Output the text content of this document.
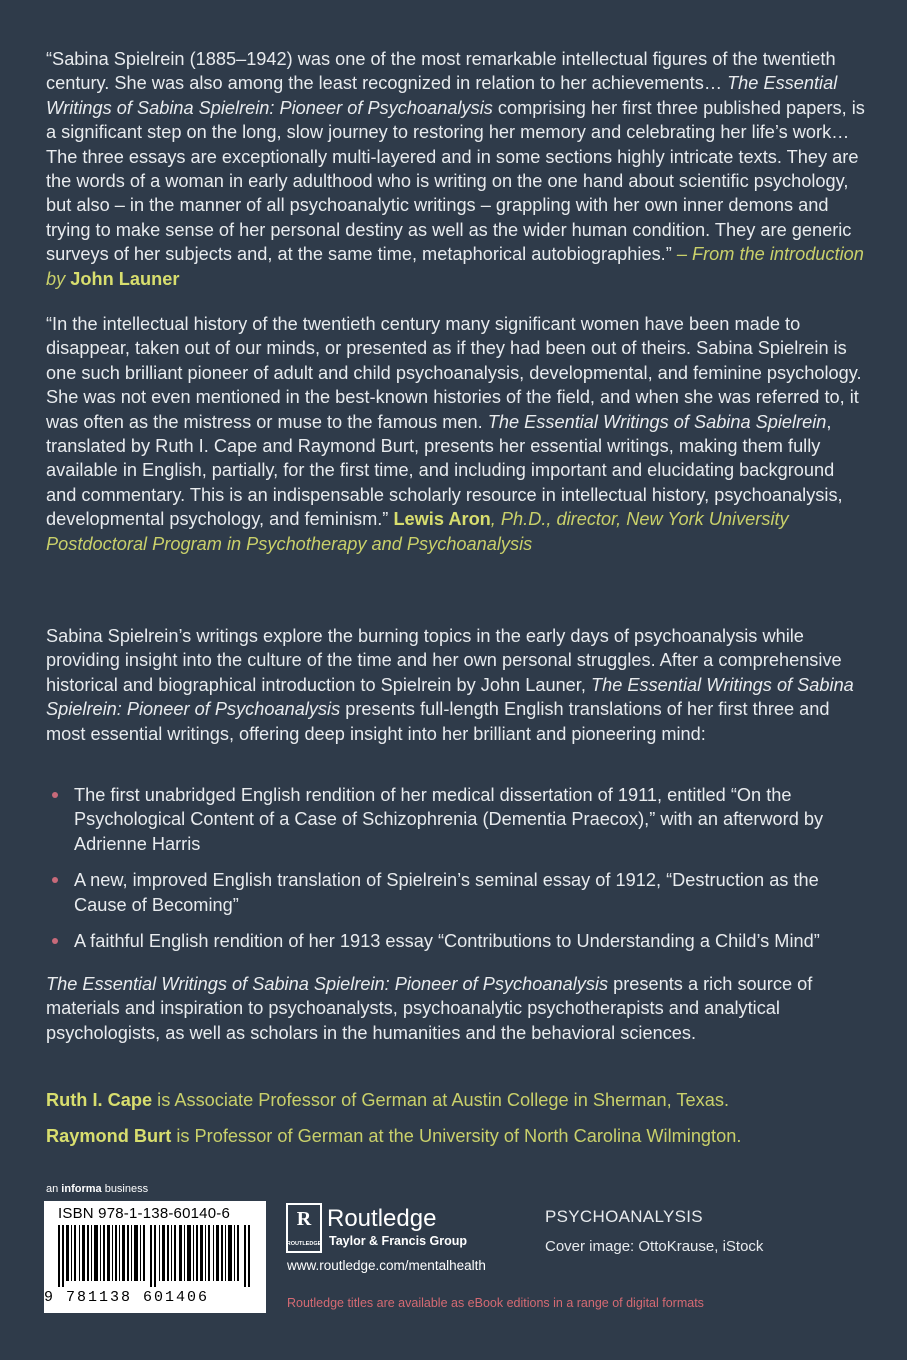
“Sabina Spielrein (1885–1942) was one of the most remarkable intellectual figures of the twentieth century. She was also among the least recognized in relation to her achievements… The Essential Writings of Sabina Spielrein: Pioneer of Psychoanalysis comprising her first three published papers, is a significant step on the long, slow journey to restoring her memory and celebrating her life’s work…The three essays are exceptionally multi-layered and in some sections highly intricate texts. They are the words of a woman in early adulthood who is writing on the one hand about scientific psychology, but also – in the manner of all psychoanalytic writings – grappling with her own inner demons and trying to make sense of her personal destiny as well as the wider human condition. They are generic surveys of her subjects and, at the same time, metaphorical autobiographies.” – From the introduction by John Launer

“In the intellectual history of the twentieth century many significant women have been made to disappear, taken out of our minds, or presented as if they had been out of theirs. Sabina Spielrein is one such brilliant pioneer of adult and child psychoanalysis, developmental, and feminine psychology. She was not even mentioned in the best-known histories of the field, and when she was referred to, it was often as the mistress or muse to the famous men. The Essential Writings of Sabina Spielrein, translated by Ruth I. Cape and Raymond Burt, presents her essential writings, making them fully available in English, partially, for the first time, and including important and elucidating background and commentary. This is an indispensable scholarly resource in intellectual history, psychoanalysis, developmental psychology, and feminism.” Lewis Aron, Ph.D., director, New York University Postdoctoral Program in Psychotherapy and Psychoanalysis

Sabina Spielrein’s writings explore the burning topics in the early days of psychoanalysis while providing insight into the culture of the time and her own personal struggles. After a comprehensive historical and biographical introduction to Spielrein by John Launer, The Essential Writings of Sabina Spielrein: Pioneer of Psychoanalysis presents full-length English translations of her first three and most essential writings, offering deep insight into her brilliant and pioneering mind:

The first unabridged English rendition of her medical dissertation of 1911, entitled “On the Psychological Content of a Case of Schizophrenia (Dementia Praecox),” with an afterword by Adrienne Harris
A new, improved English translation of Spielrein’s seminal essay of 1912, “Destruction as the Cause of Becoming”
A faithful English rendition of her 1913 essay “Contributions to Understanding a Child’s Mind”

The Essential Writings of Sabina Spielrein: Pioneer of Psychoanalysis presents a rich source of materials and inspiration to psychoanalysts, psychoanalytic psychotherapists and analytical psychologists, as well as scholars in the humanities and the behavioral sciences.

Ruth I. Cape is Associate Professor of German at Austin College in Sherman, Texas.
Raymond Burt is Professor of German at the University of North Carolina Wilmington.
an informa business
ISBN 978-1-138-60140-6
9 781138 601406
R
ROUTLEDGE
Routledge
Taylor & Francis Group
www.routledge.com/mentalhealth
Routledge titles are available as eBook editions in a range of digital formats
PSYCHOANALYSIS
Cover image: OttoKrause, iStock
